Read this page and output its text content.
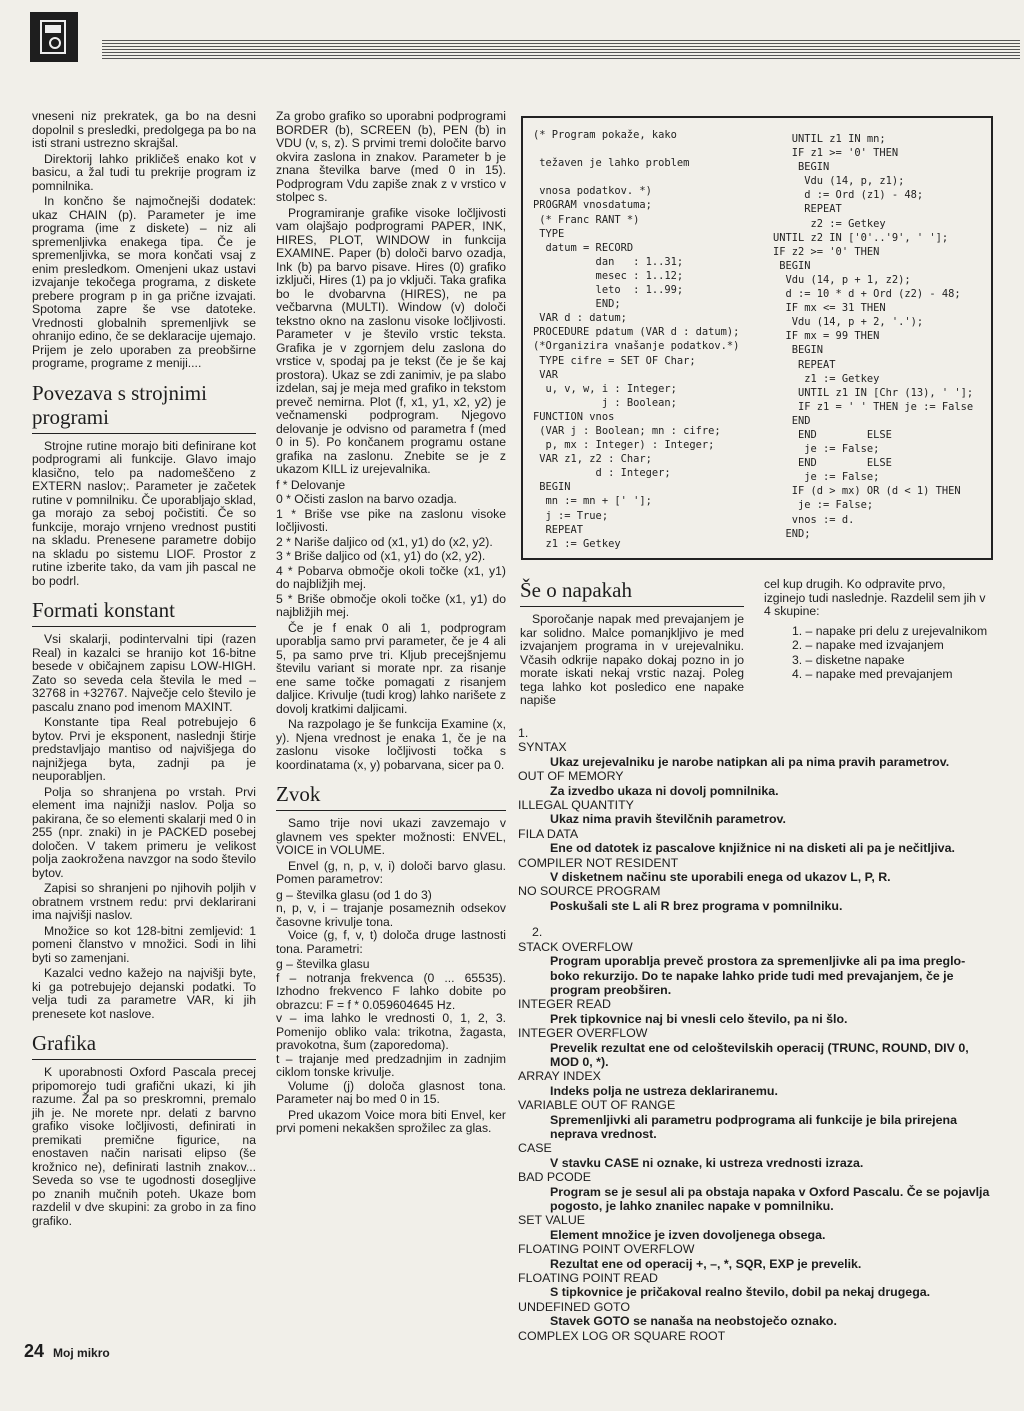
vneseni niz prekratek, ga bo na desni dopolnil s presledki, predolgega pa bo na isti strani ustrezno skrajšal.

Direktorij lahko prikličeš enako kot v basicu, a žal tudi tu prekrije program iz pomnilnika.

In končno še najmočnejši dodatek: ukaz CHAIN (p). Parameter je ime programa (ime z diskete) – niz ali spremenljivka enakega tipa. Če je spremenljivka, se mora končati vsaj z enim presledkom. Omenjeni ukaz ustavi izvajanje tekočega programa, z diskete prebere program p in ga prične izvajati. Spotoma zapre še vse datoteke. Vrednosti globalnih spremenljivk se ohranijo edino, če se deklaracije ujemajo. Prijem je zelo uporaben za preobširne programe, programe z meniji....

Povezava s strojnimi programi

Strojne rutine morajo biti definirane kot podprogrami ali funkcije. Glavo imajo klasično, telo pa nadomeščeno z EXTERN naslov;. Parameter je začetek rutine v pomnilniku. Če uporabljajo sklad, ga morajo za seboj počistiti. Če so funkcije, morajo vrnjeno vrednost pustiti na skladu. Prenesene parametre dobijo na skladu po sistemu LIOF. Prostor z rutine izberite tako, da vam jih pascal ne bo podrl.

Formati konstant

Vsi skalarji, podintervalni tipi (razen Real) in kazalci se hranijo kot 16-bitne besede v običajnem zapisu LOW-HIGH. Zato so seveda cela števila le med –32768 in +32767. Največje celo število je pascalu znano pod imenom MAXINT.

Konstante tipa Real potrebujejo 6 bytov. Prvi je eksponent, naslednji štirje predstavljajo mantiso od najvišjega do najnižjega byta, zadnji pa je neuporabljen.

Polja so shranjena po vrstah. Prvi element ima najnižji naslov. Polja so pakirana, če so elementi skalarji med 0 in 255 (npr. znaki) in je PACKED posebej določen. V takem primeru je velikost polja zaokrožena navzgor na sodo število bytov.

Zapisi so shranjeni po njihovih poljih v obratnem vrstnem redu: prvi deklarirani ima najvišji naslov.

Množice so kot 128-bitni zemljevid: 1 pomeni članstvo v množici. Sodi in lihi byti so zamenjani.

Kazalci vedno kažejo na najvišji byte, ki ga potrebujejo dejanski podatki. To velja tudi za parametre VAR, ki jih prenesete kot naslove.

Grafika

K uporabnosti Oxford Pascala precej pripomorejo tudi grafični ukazi, ki jih razume. Žal pa so preskromni, premalo jih je. Ne morete npr. delati z barvno grafiko visoke ločljivosti, definirati in premikati premične figurice, na enostaven način narisati elipso (še krožnico ne), definirati lastnih znakov... Seveda so vse te ugodnosti dosegljive po znanih mučnih poteh. Ukaze bom razdelil v dve skupini: za grobo in za fino grafiko.

Za grobo grafiko so uporabni podprogrami BORDER (b), SCREEN (b), PEN (b) in VDU (v, s, z). S prvimi tremi določite barvo okvira zaslona in znakov. Parameter b je znana številka barve (med 0 in 15). Podprogram Vdu zapiše znak z v vrstico v stolpec s.

Programiranje grafike visoke ločljivosti vam olajšajo podprogrami PAPER, INK, HIRES, PLOT, WINDOW in funkcija EXAMINE. Paper (b) določi barvo ozadja, Ink (b) pa barvo pisave. Hires (0) grafiko izključi, Hires (1) pa jo vključi. Taka grafika bo le dvobarvna (HIRES), ne pa večbarvna (MULTI). Window (v) določi tekstno okno na zaslonu visoke ločljivosti. Parameter v je število vrstic teksta. Grafika je v zgornjem delu zaslona do vrstice v, spodaj pa je tekst (če je še kaj prostora). Ukaz se zdi zanimiv, je pa slabo izdelan, saj je meja med grafiko in tekstom preveč nemirna. Plot (f, x1, y1, x2, y2) je večnamenski podprogram. Njegovo delovanje je odvisno od parametra f (med 0 in 5). Po končanem programu ostane grafika na zaslonu. Znebite se je z ukazom KILL iz urejevalnika.

f * Delovanje
0 * Očisti zaslon na barvo ozadja.
1 * Briše vse pike na zaslonu visoke ločljivosti.
2 * Nariše daljico od (x1, y1) do (x2, y2).
3 * Briše daljico od (x1, y1) do (x2, y2).
4 * Pobarva območje okoli točke (x1, y1) do najbližjih mej.
5 * Briše območje okoli točke (x1, y1) do najbližjih mej.

Če je f enak 0 ali 1, podprogram uporablja samo prvi parameter, če je 4 ali 5, pa samo prve tri. Kljub precejšnjemu številu variant si morate npr. za risanje ene same točke pomagati z risanjem daljice. Krivulje (tudi krog) lahko narišete z dovolj kratkimi daljicami.

Na razpolago je še funkcija Examine (x, y). Njena vrednost je enaka 1, če je na zaslonu visoke ločljivosti točka s koordinatama (x, y) pobarvana, sicer pa 0.

Zvok

Samo trije novi ukazi zavzemajo v glavnem ves spekter možnosti: ENVEL, VOICE in VOLUME.

Envel (g, n, p, v, i) določi barvo glasu. Pomen parametrov:

g – številka glasu (od 1 do 3)
n, p, v, i – trajanje posameznih odsekov časovne krivulje tona.

Voice (g, f, v, t) določa druge lastnosti tona. Parametri:

g – številka glasu
f – notranja frekvenca (0 ... 65535). Izhodno frekvenco F lahko dobite po obrazcu: F = f * 0.059604645 Hz.
v – ima lahko le vrednosti 0, 1, 2, 3. Pomenijo obliko vala: trikotna, žagasta, pravokotna, šum (zaporedoma).
t – trajanje med predzadnjim in zadnjim ciklom tonske krivulje.

Volume (j) določa glasnost tona. Parameter naj bo med 0 in 15.

Pred ukazom Voice mora biti Envel, ker prvi pomeni nekakšen sprožilec za glas.

(* Program pokaže, kako

težaven je lahko problem

vnosa podatkov. *)
PROGRAM vnosdatuma;
(* Franc RANT *)
TYPE
datum = RECORD
dan   : 1..31;
mesec : 1..12;
leto  : 1..99;
END;
VAR d : datum;
PROCEDURE pdatum (VAR d : datum);
(*Organizira vnašanje podatkov.*)
TYPE cifre = SET OF Char;
VAR
u, v, w, i : Integer;
j : Boolean;
FUNCTION vnos
(VAR j : Boolean; mn : cifre;
p, mx : Integer) : Integer;
VAR z1, z2 : Char;
d : Integer;
BEGIN
mn := mn + [' '];
j := True;
REPEAT
z1 := Getkey
UNTIL z1 IN mn;
IF z1 >= '0' THEN
BEGIN
Vdu (14, p, z1);
d := Ord (z1) - 48;
REPEAT
z2 := Getkey
UNTIL z2 IN ['0'..'9', ' '];
IF z2 >= '0' THEN
BEGIN
Vdu (14, p + 1, z2);
d := 10 * d + Ord (z2) - 48;
IF mx <= 31 THEN
Vdu (14, p + 2, '.');
IF mx = 99 THEN
BEGIN
REPEAT
z1 := Getkey
UNTIL z1 IN [Chr (13), ' '];
IF z1 = ' ' THEN je := False
END
END        ELSE
je := False;
END        ELSE
je := False;
IF (d > mx) OR (d < 1) THEN
je := False;
vnos := d.
END;
Še o napakah

Sporočanje napak med prevajanjem je kar solidno. Malce pomanjkljivo je med izvajanjem programa in v urejevalniku. Včasih odkrije napako dokaj pozno in jo morate iskati nekaj vrstic nazaj. Poleg tega lahko kot posledico ene napake napiše

cel kup drugih. Ko odpravite prvo, izginejo tudi naslednje. Razdelil sem jih v 4 skupine:

1. – napake pri delu z urejevalnikom
2. – napake med izvajanjem
3. – disketne napake
4. – napake med prevajanjem
1.
SYNTAX
Ukaz urejevalniku je narobe natipkan ali pa nima pravih parametrov.
OUT OF MEMORY
Za izvedbo ukaza ni dovolj pomnilnika.
ILLEGAL QUANTITY
Ukaz nima pravih številčnih parametrov.
FILA DATA
Ene od datotek iz pascalove knjižnice ni na disketi ali pa je nečitljiva.
COMPILER NOT RESIDENT
V disketnem načinu ste uporabili enega od ukazov L, P, R.
NO SOURCE PROGRAM
Poskušali ste L ali R brez programa v pomnilniku.
2.
STACK OVERFLOW
Program uporablja preveč prostora za spremenljivke ali pa ima preglo-boko rekurzijo. Do te napake lahko pride tudi med prevajanjem, če je program preobširen.
INTEGER READ
Prek tipkovnice naj bi vnesli celo število, pa ni šlo.
INTEGER OVERFLOW
Prevelik rezultat ene od celoštevilskih operacij (TRUNC, ROUND, DIV 0, MOD 0, *).
ARRAY INDEX
Indeks polja ne ustreza deklariranemu.
VARIABLE OUT OF RANGE
Spremenljivki ali parametru podprograma ali funkcije je bila prirejena neprava vrednost.
CASE
V stavku CASE ni oznake, ki ustreza vrednosti izraza.
BAD PCODE
Program se je sesul ali pa obstaja napaka v Oxford Pascalu. Če se pojavlja pogosto, je lahko znanilec napake v pomnilniku.
SET VALUE
Element množice je izven dovoljenega obsega.
FLOATING POINT OVERFLOW
Rezultat ene od operacij +, –, *, SQR, EXP je prevelik.
FLOATING POINT READ
S tipkovnice je pričakoval realno število, dobil pa nekaj drugega.
UNDEFINED GOTO
Stavek GOTO se nanaša na neobstoječo oznako.
COMPLEX LOG OR SQUARE ROOT
24 Moj mikro
